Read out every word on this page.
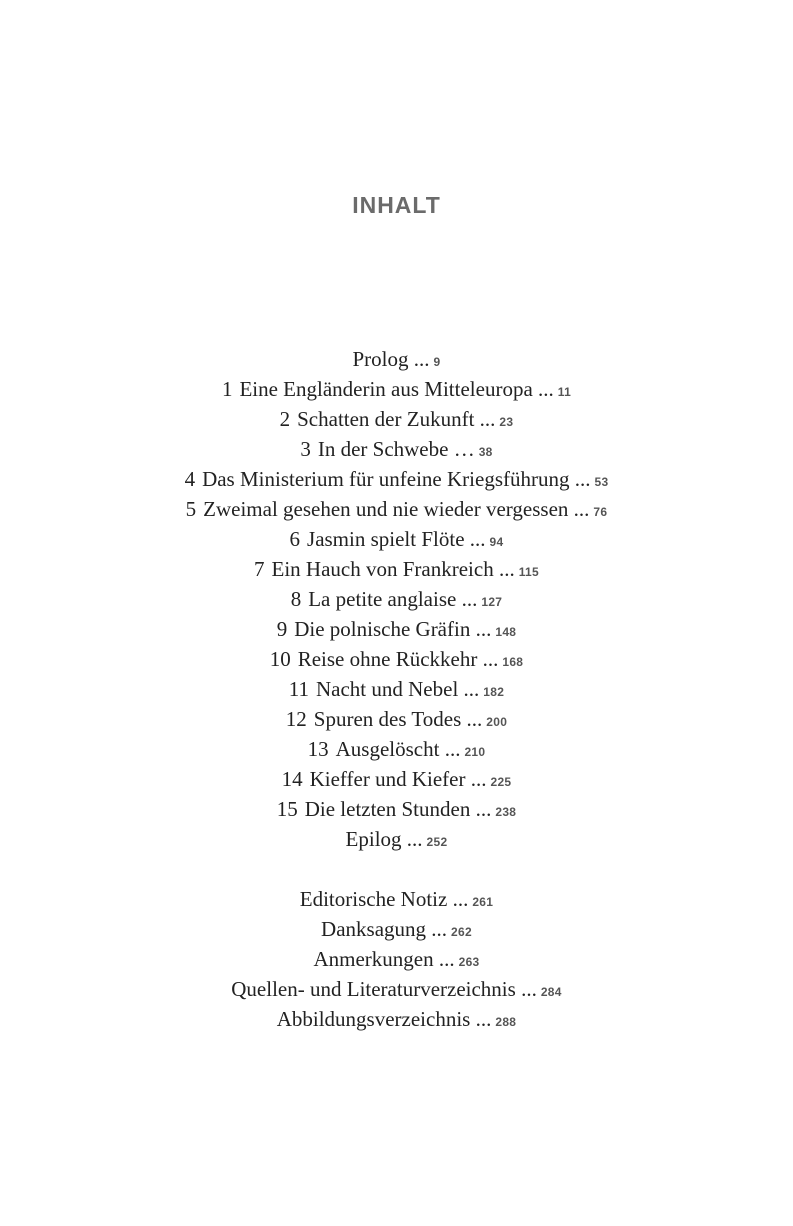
INHALT
Prolog ... 9
1 Eine Engländerin aus Mitteleuropa ... 11
2 Schatten der Zukunft ... 23
3 In der Schwebe … 38
4 Das Ministerium für unfeine Kriegsführung ... 53
5 Zweimal gesehen und nie wieder vergessen ... 76
6 Jasmin spielt Flöte ... 94
7 Ein Hauch von Frankreich ... 115
8 La petite anglaise ... 127
9 Die polnische Gräfin ... 148
10 Reise ohne Rückkehr ... 168
11 Nacht und Nebel ... 182
12 Spuren des Todes ... 200
13 Ausgelöscht ... 210
14 Kieffer und Kiefer ... 225
15 Die letzten Stunden ... 238
Epilog ... 252
Editorische Notiz ... 261
Danksagung ... 262
Anmerkungen ... 263
Quellen- und Literaturverzeichnis ... 284
Abbildungsverzeichnis ... 288
